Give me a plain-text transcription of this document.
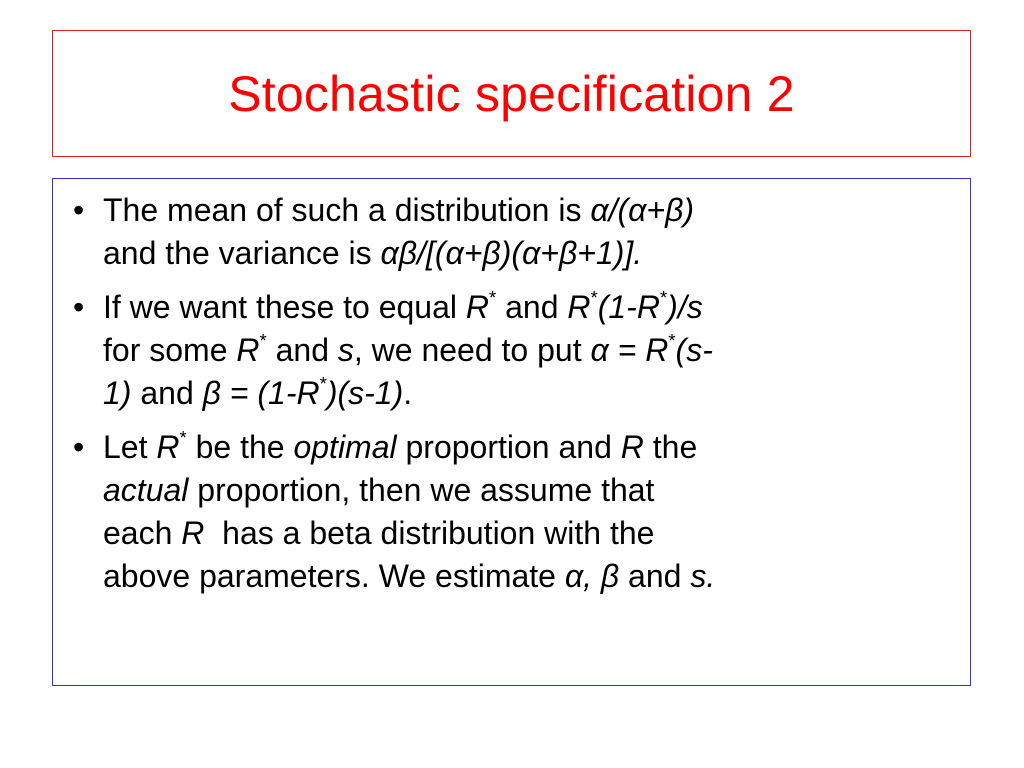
Stochastic specification 2
• The mean of such a distribution is α/(α+β)
and the variance is αβ/[(α+β)(α+β+1)].
• If we want these to equal R* and R*(1-R*)/s
for some R* and s, we need to put α = R*(s-
1) and β = (1-R*)(s-1).
• Let R* be the optimal proportion and R the
actual proportion, then we assume that
each R  has a beta distribution with the
above parameters. We estimate α, β and s.
